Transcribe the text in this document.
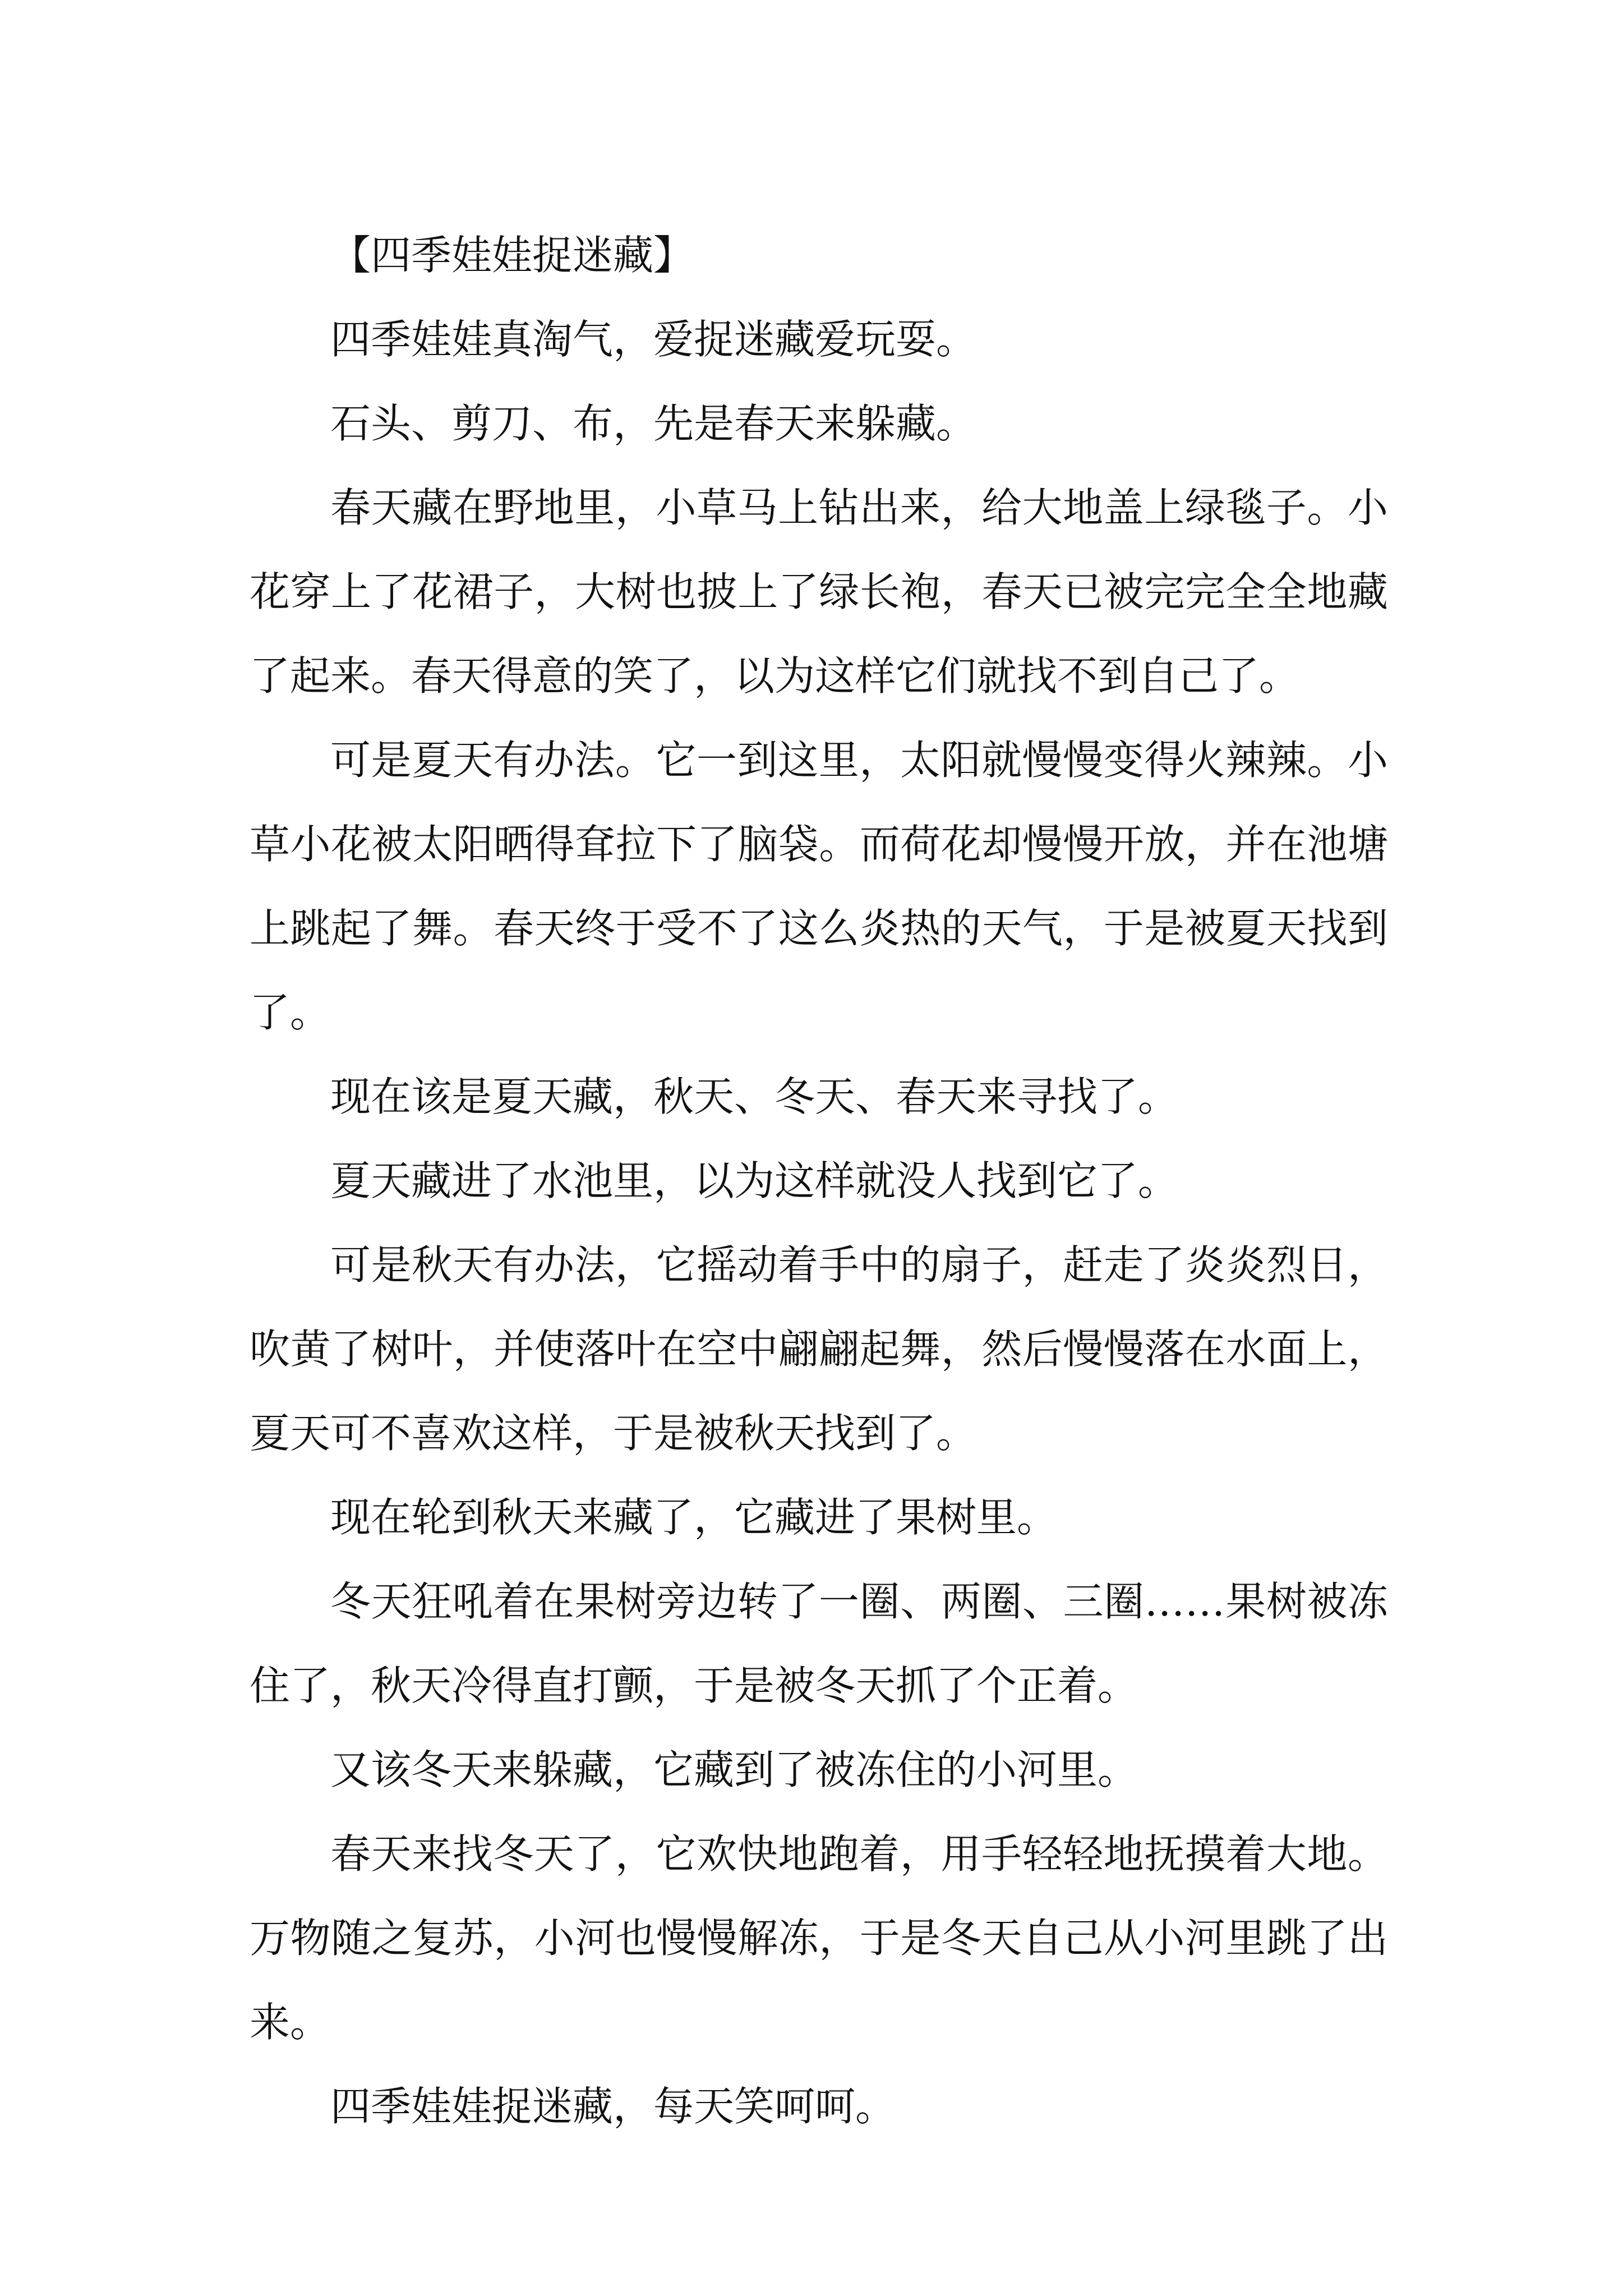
【四季娃娃捉迷藏】

四季娃娃真淘气，爱捉迷藏爱玩耍。

石头、剪刀、布，先是春天来躲藏。

春天藏在野地里，小草马上钻出来，给大地盖上绿毯子。小花穿上了花裙子，大树也披上了绿长袍，春天已被完完全全地藏了起来。春天得意的笑了，以为这样它们就找不到自己了。

可是夏天有办法。它一到这里，太阳就慢慢变得火辣辣。小草小花被太阳晒得耷拉下了脑袋。而荷花却慢慢开放，并在池塘上跳起了舞。春天终于受不了这么炎热的天气，于是被夏天找到了。

现在该是夏天藏，秋天、冬天、春天来寻找了。

夏天藏进了水池里，以为这样就没人找到它了。

可是秋天有办法，它摇动着手中的扇子，赶走了炎炎烈日，吹黄了树叶，并使落叶在空中翩翩起舞，然后慢慢落在水面上，夏天可不喜欢这样，于是被秋天找到了。

现在轮到秋天来藏了，它藏进了果树里。

冬天狂吼着在果树旁边转了一圈、两圈、三圈……果树被冻住了，秋天冷得直打颤，于是被冬天抓了个正着。

又该冬天来躲藏，它藏到了被冻住的小河里。

春天来找冬天了，它欢快地跑着，用手轻轻地抚摸着大地。万物随之复苏，小河也慢慢解冻，于是冬天自己从小河里跳了出来。

四季娃娃捉迷藏，每天笑呵呵。
